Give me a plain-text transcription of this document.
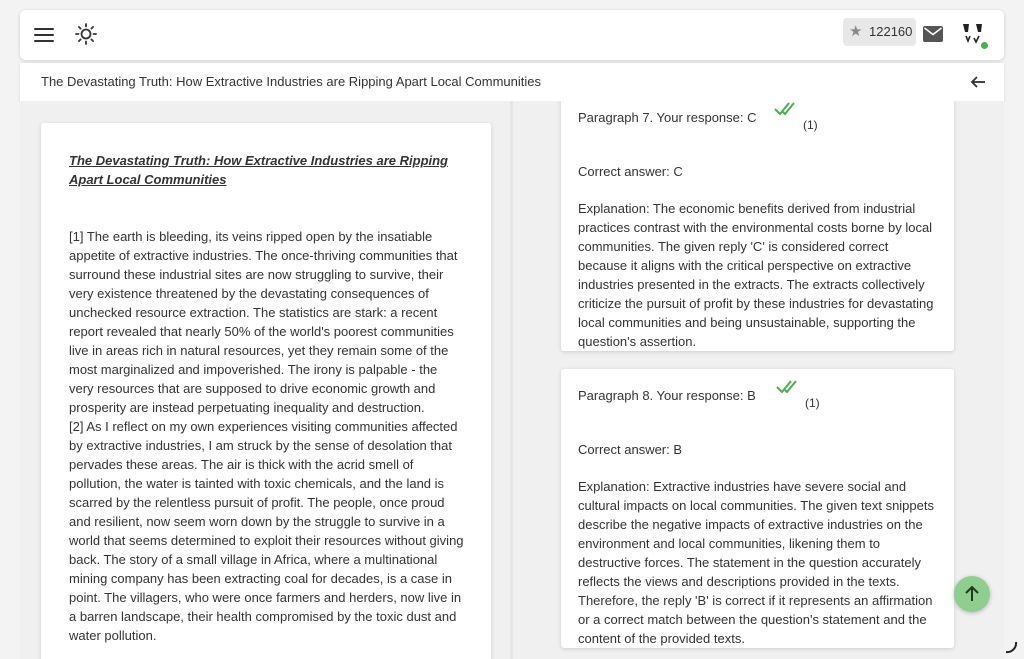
★ 122160
The Devastating Truth: How Extractive Industries are Ripping Apart Local Communities
The Devastating Truth: How Extractive Industries are Ripping Apart Local Communities

[1] The earth is bleeding, its veins ripped open by the insatiable appetite of extractive industries. The once-thriving communities that surround these industrial sites are now struggling to survive, their very existence threatened by the devastating consequences of unchecked resource extraction. The statistics are stark: a recent report revealed that nearly 50% of the world's poorest communities live in areas rich in natural resources, yet they remain some of the most marginalized and impoverished. The irony is palpable - the very resources that are supposed to drive economic growth and prosperity are instead perpetuating inequality and destruction.

[2] As I reflect on my own experiences visiting communities affected by extractive industries, I am struck by the sense of desolation that pervades these areas. The air is thick with the acrid smell of pollution, the water is tainted with toxic chemicals, and the land is scarred by the relentless pursuit of profit. The people, once proud and resilient, now seem worn down by the struggle to survive in a world that seems determined to exploit their resources without giving back. The story of a small village in Africa, where a multinational mining company has been extracting coal for decades, is a case in point. The villagers, who were once farmers and herders, now live in a barren landscape, their health compromised by the toxic dust and water pollution.

Paragraph 7. Your response: C	(1)
Correct answer: C
Explanation: The economic benefits derived from industrial practices contrast with the environmental costs borne by local communities. The given reply 'C' is considered correct because it aligns with the critical perspective on extractive industries presented in the extracts. The extracts collectively criticize the pursuit of profit by these industries for devastating local communities and being unsustainable, supporting the question's assertion.
Paragraph 8. Your response: B	(1)
Correct answer: B
Explanation: Extractive industries have severe social and cultural impacts on local communities. The given text snippets describe the negative impacts of extractive industries on the environment and local communities, likening them to destructive forces. The statement in the question accurately reflects the views and descriptions provided in the texts. Therefore, the reply 'B' is correct if it represents an affirmation or a correct match between the question's statement and the content of the provided texts.
